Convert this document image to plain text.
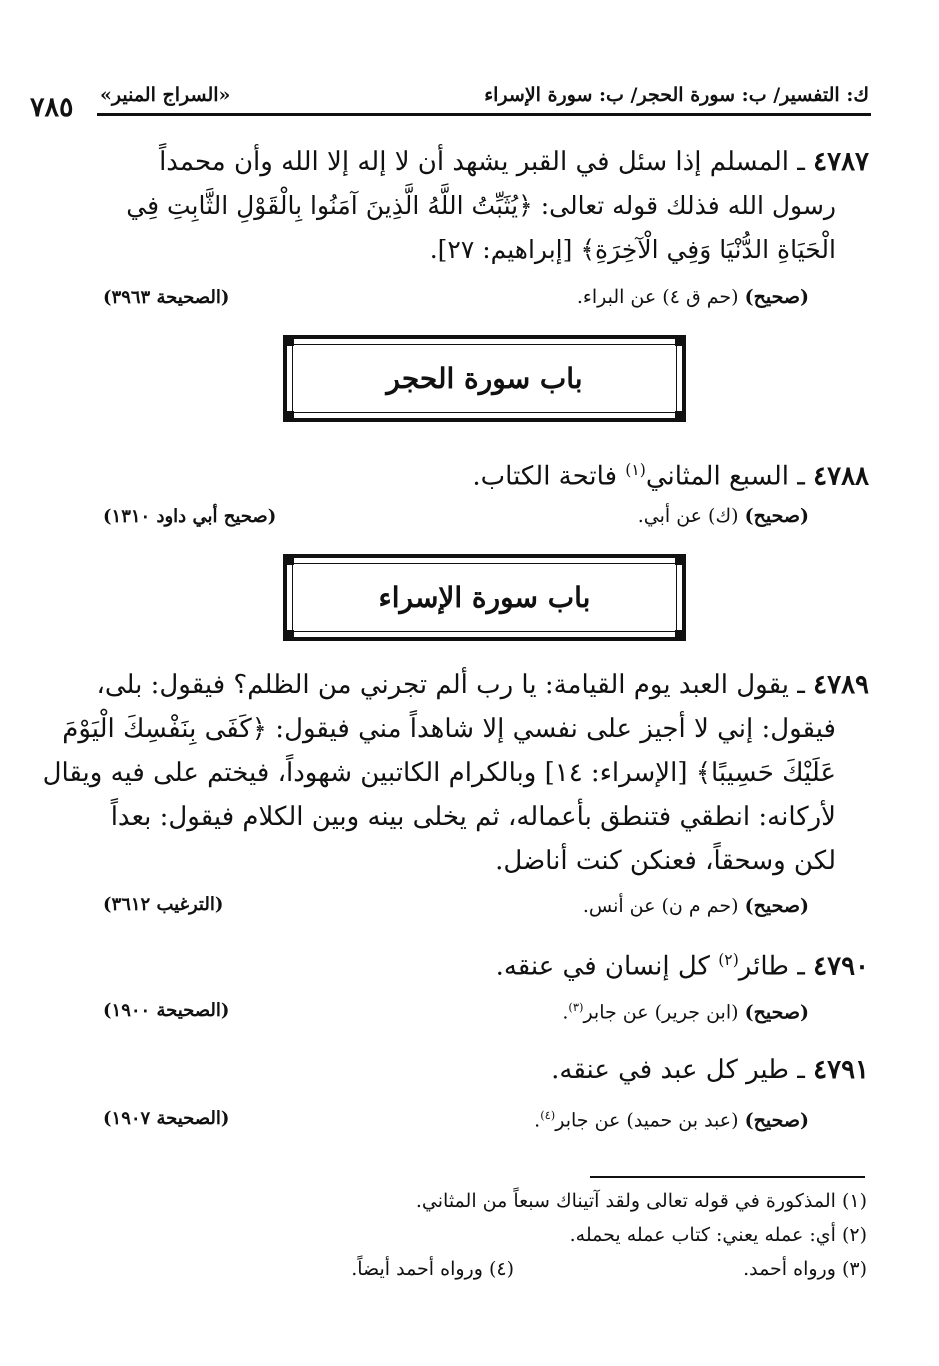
ك: التفسير/ ب: سورة الحجر/ ب: سورة الإسراء
«السراج المنير»
٧٨٥
٤٧٨٧ ـ المسلم إذا سئل في القبر يشهد أن لا إله إلا الله وأن محمداً
رسول الله فذلك قوله تعالى: ﴿يُثَبِّتُ اللَّهُ الَّذِينَ آمَنُوا بِالْقَوْلِ الثَّابِتِ فِي
الْحَيَاةِ الدُّنْيَا وَفِي الْآخِرَةِ﴾ [إبراهيم: ٢٧].
(صحيح) (حم ق ٤) عن البراء.
(الصحيحة ٣٩٦٣)
باب سورة الحجر
٤٧٨٨ ـ السبع المثاني$^{(١)}$ فاتحة الكتاب.
(صحيح) (ك) عن أبي.
(صحيح أبي داود ١٣١٠)
باب سورة الإسراء
٤٧٨٩ ـ يقول العبد يوم القيامة: يا رب ألم تجرني من الظلم؟ فيقول: بلى،
فيقول: إني لا أجيز على نفسي إلا شاهداً مني فيقول: ﴿كَفَى بِنَفْسِكَ الْيَوْمَ
عَلَيْكَ حَسِيبًا﴾ [الإسراء: ١٤] وبالكرام الكاتبين شهوداً، فيختم على فيه ويقال
لأركانه: انطقي فتنطق بأعماله، ثم يخلى بينه وبين الكلام فيقول: بعداً
لكن وسحقاً، فعنكن كنت أناضل.
(صحيح) (حم م ن) عن أنس.
(الترغيب ٣٦١٢)
٤٧٩٠ ـ طائر$^{(٢)}$ كل إنسان في عنقه.
(صحيح) (ابن جرير) عن جابر$^{(٣)}$.
(الصحيحة ١٩٠٠)
٤٧٩١ ـ طير كل عبد في عنقه.
(صحيح) (عبد بن حميد) عن جابر$^{(٤)}$.
(الصحيحة ١٩٠٧)
(١) المذكورة في قوله تعالى ولقد آتيناك سبعاً من المثاني.
(٢) أي: عمله يعني: كتاب عمله يحمله.
(٣) ورواه أحمد.
(٤) ورواه أحمد أيضاً.
